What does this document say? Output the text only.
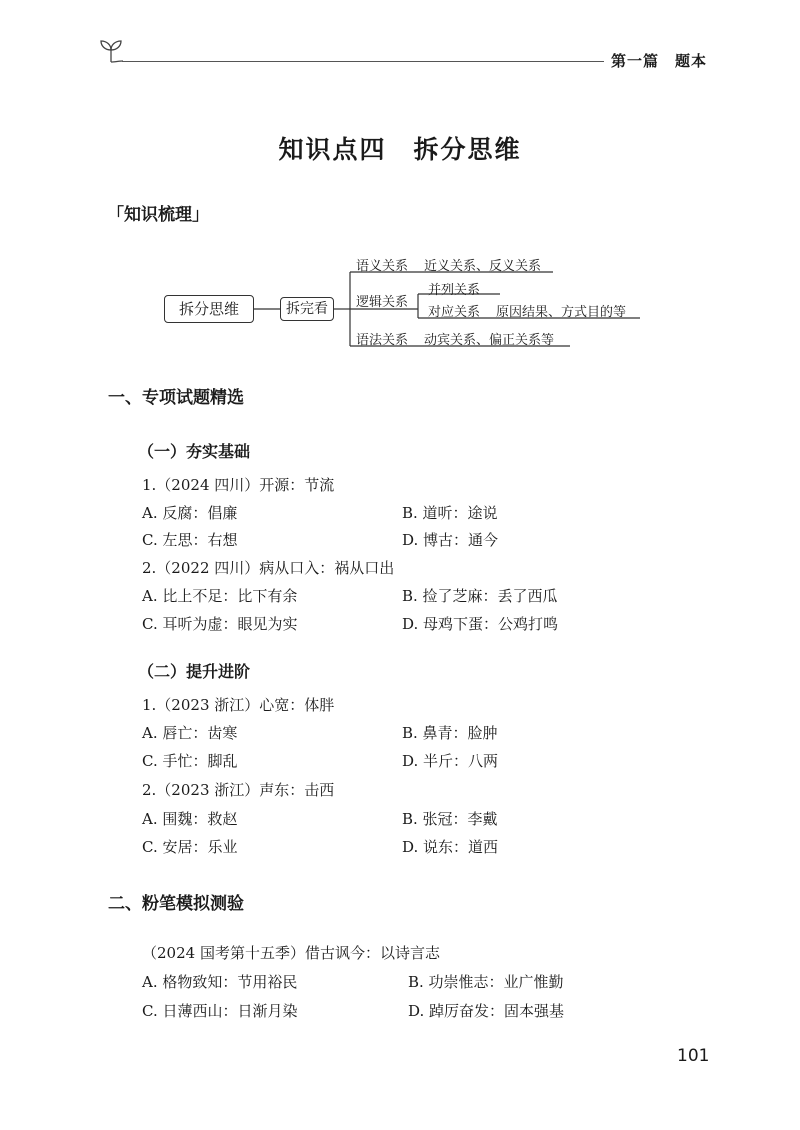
第一篇　题本
知识点四　拆分思维
「知识梳理」
拆分思维	拆完看
语义关系 近义关系、反义关系
逻辑关系
并列关系
对应关系 原因结果、方式目的等
语法关系 动宾关系、偏正关系等
一、专项试题精选
（一）夯实基础
1.（2024 四川）开源：节流
A. 反腐：倡廉	B. 道听：途说
C. 左思：右想	D. 博古：通今
2.（2022 四川）病从口入：祸从口出
A. 比上不足：比下有余	B. 捡了芝麻：丢了西瓜
C. 耳听为虚：眼见为实	D. 母鸡下蛋：公鸡打鸣
（二）提升进阶
1.（2023 浙江）心宽：体胖
A. 唇亡：齿寒	B. 鼻青：脸肿
C. 手忙：脚乱	D. 半斤：八两
2.（2023 浙江）声东：击西
A. 围魏：救赵	B. 张冠：李戴
C. 安居：乐业	D. 说东：道西
二、粉笔模拟测验
（2024 国考第十五季）借古讽今：以诗言志
A. 格物致知：节用裕民	B. 功崇惟志：业广惟勤
C. 日薄西山：日渐月染	D. 踔厉奋发：固本强基
101
